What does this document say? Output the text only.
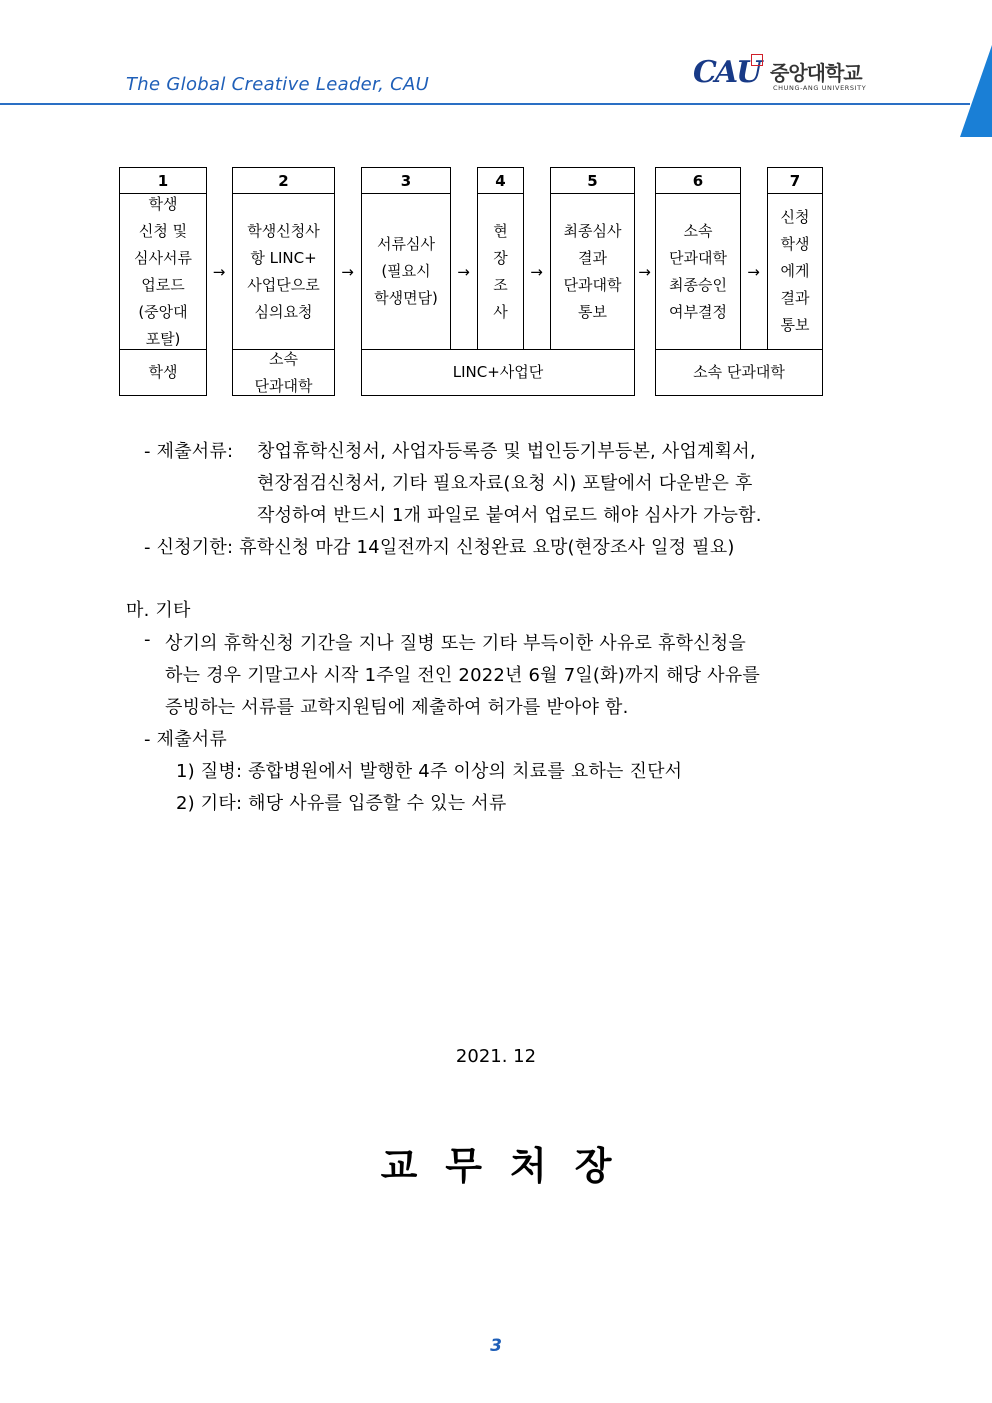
The Global Creative Leader, CAU	CAU 중앙대학교
CHUNG-ANG UNIVERSITY
1
학생
신청 및
심사서류
업로드
(중앙대
포탈)
→
2
학생신청사
항 LINC+
사업단으로
심의요청
→
3
서류심사
(필요시
학생면담)
→
4
현
장
조
사
→
5
최종심사
결과
단과대학
통보
→
6
소속
단과대학
최종승인
여부결정
→
7
신청
학생
에게
결과
통보
학생
소속
단과대학
LINC+사업단	소속 단과대학
- 제출서류: 창업휴학신청서, 사업자등록증 및 법인등기부등본, 사업계획서,
현장점검신청서, 기타 필요자료(요청 시) 포탈에서 다운받은 후
작성하여 반드시 1개 파일로 붙여서 업로드 해야 심사가 가능함.
- 신청기한: 휴학신청 마감 14일전까지 신청완료 요망(현장조사 일정 필요)
마. 기타
- 상기의 휴학신청 기간을 지나 질병 또는 기타 부득이한 사유로 휴학신청을
하는 경우 기말고사 시작 1주일 전인 2022년 6월 7일(화)까지 해당 사유를
증빙하는 서류를 교학지원팀에 제출하여 허가를 받아야 함.
- 제출서류
1) 질병: 종합병원에서 발행한 4주 이상의 치료를 요하는 진단서
2) 기타: 해당 사유를 입증할 수 있는 서류
2021. 12
교무처장
3
